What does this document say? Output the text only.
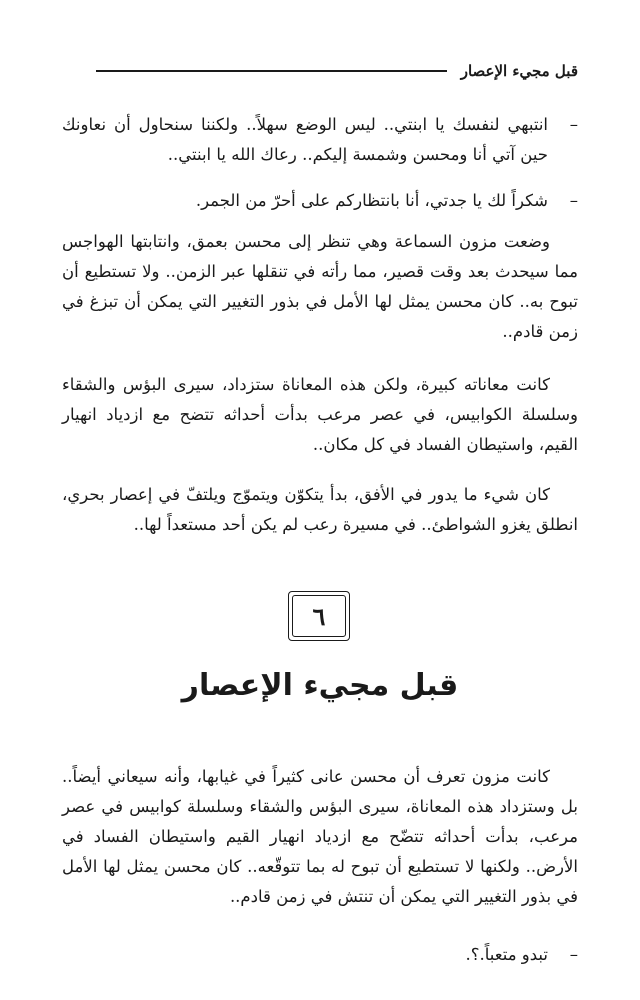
قبل مجيء الإعصار
–
انتبهي لنفسك يا ابنتي.. ليس الوضع سهلاً.. ولكننا سنحاول أن نعاونك حين آتي أنا ومحسن وشمسة إليكم.. رعاك الله يا ابنتي..
–
شكراً لك يا جدتي، أنا بانتظاركم على أحرّ من الجمر.
وضعت مزون السماعة وهي تنظر إلى محسن بعمق، وانتابتها الهواجس مما سيحدث بعد وقت قصير، مما رأته في تنقلها عبر الزمن.. ولا تستطيع أن تبوح به.. كان محسن يمثل لها الأمل في بذور التغيير التي يمكن أن تبزغ في زمن قادم..
كانت معاناته كبيرة، ولكن هذه المعاناة ستزداد، سيرى البؤس والشقاء وسلسلة الكوابيس، في عصر مرعب بدأت أحداثه تتضح مع ازدياد انهيار القيم، واستيطان الفساد في كل مكان..
كان شيء ما يدور في الأفق، بدأ يتكوّن ويتموّج ويلتفّ في إعصار بحري، انطلق يغزو الشواطئ.. في مسيرة رعب لم يكن أحد مستعداً لها..
٦
قبل مجيء الإعصار
كانت مزون تعرف أن محسن عانى كثيراً في غيابها، وأنه سيعاني أيضاً.. بل وستزداد هذه المعاناة، سيرى البؤس والشقاء وسلسلة كوابيس في عصر مرعب، بدأت أحداثه تتضّح مع ازدياد انهيار القيم واستيطان الفساد في الأرض.. ولكنها لا تستطيع أن تبوح له بما تتوقّعه.. كان محسن يمثل لها الأمل في بذور التغيير التي يمكن أن تنتش في زمن قادم..
–
تبدو متعباً.؟.
